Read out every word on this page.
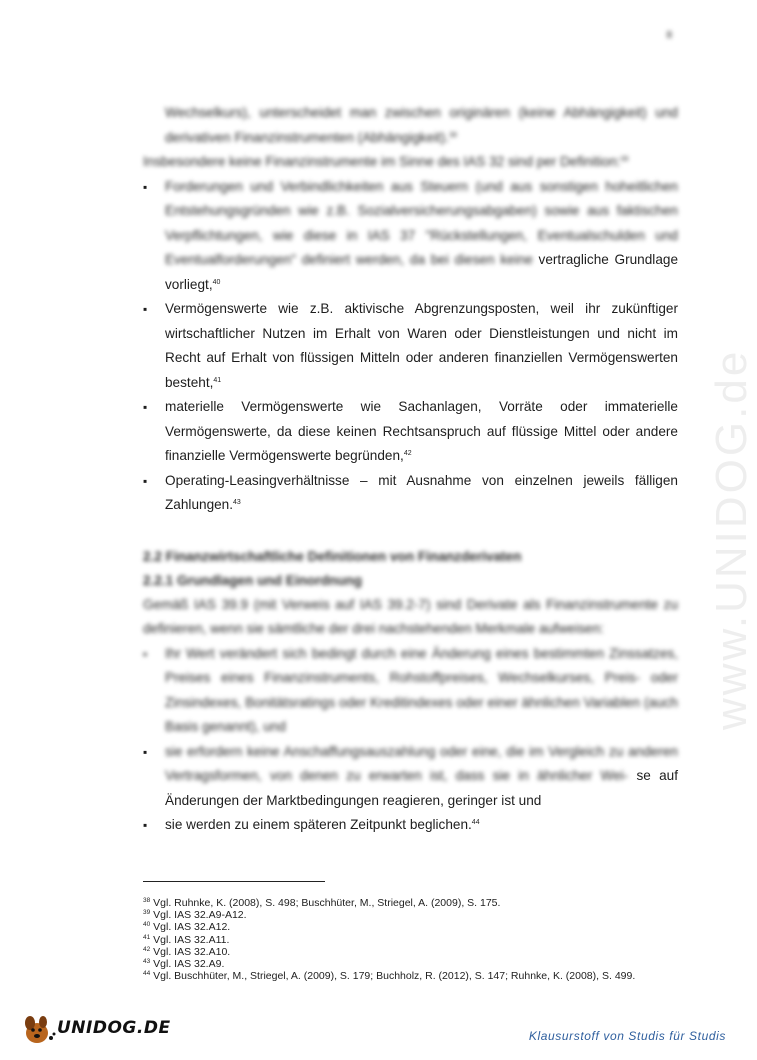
8
www.UNIDOG.de
Wechselkurs), unterscheidet man zwischen originären (keine Abhängigkeit) und derivativen Finanzinstrumenten (Abhängigkeit).$^{38}$
Insbesondere keine Finanzinstrumente im Sinne des IAS 32 sind per Definition:$^{39}$
▪ Forderungen und Verbindlichkeiten aus Steuern (und aus sonstigen hoheitlichen Entstehungsgründen wie z.B. Sozialversicherungsabgaben) sowie aus faktischen Verpflichtungen, wie diese in IAS 37 "Rückstellungen, Eventualschulden und Eventualforderungen" definiert werden, da bei diesen keine vertragliche Grundlage vorliegt,$^{40}$
▪ Vermögenswerte wie z.B. aktivische Abgrenzungsposten, weil ihr zukünftiger wirtschaftlicher Nutzen im Erhalt von Waren oder Dienstleistungen und nicht im Recht auf Erhalt von flüssigen Mitteln oder anderen finanziellen Vermögenswerten besteht,$^{41}$
▪ materielle Vermögenswerte wie Sachanlagen, Vorräte oder immaterielle Vermögenswerte, da diese keinen Rechtsanspruch auf flüssige Mittel oder andere finanzielle Vermögenswerte begründen,$^{42}$
▪ Operating-Leasingverhältnisse – mit Ausnahme von einzelnen jeweils fälligen Zahlungen.$^{43}$
2.2 Finanzwirtschaftliche Definitionen von Finanzderivaten
2.2.1 Grundlagen und Einordnung
Gemäß IAS 39.9 (mit Verweis auf IAS 39.2-7) sind Derivate als Finanzinstrumente zu definieren, wenn sie sämtliche der drei nachstehenden Merkmale aufweisen:
▪ Ihr Wert verändert sich bedingt durch eine Änderung eines bestimmten Zinssatzes, Preises eines Finanzinstruments, Rohstoffpreises, Wechselkurses, Preis- oder Zinsindexes, Bonitätsratings oder Kreditindexes oder einer ähnlichen Variablen (auch Basis genannt), und
▪ sie erfordern keine Anschaffungsauszahlung oder eine, die im Vergleich zu anderen Vertragsformen, von denen zu erwarten ist, dass sie in ähnlicher Wei- se auf Änderungen der Marktbedingungen reagieren, geringer ist und
▪ sie werden zu einem späteren Zeitpunkt beglichen.$^{44}$
$^{38}$ Vgl. Ruhnke, K. (2008), S. 498; Buschhüter, M., Striegel, A. (2009), S. 175.
$^{39}$ Vgl. IAS 32.A9-A12.
$^{40}$ Vgl. IAS 32.A12.
$^{41}$ Vgl. IAS 32.A11.
$^{42}$ Vgl. IAS 32.A10.
$^{43}$ Vgl. IAS 32.A9.
$^{44}$ Vgl. Buschhüter, M., Striegel, A. (2009), S. 179; Buchholz, R. (2012), S. 147; Ruhnke, K. (2008), S. 499.
UNIDOG.DE	Klausurstoff von Studis für Studis
